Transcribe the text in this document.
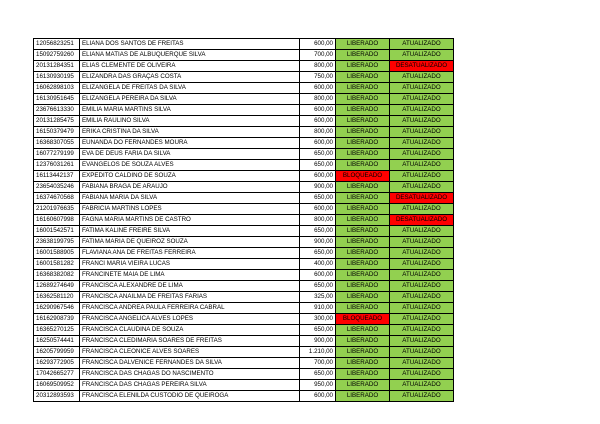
12056823251	ELIANA DOS SANTOS DE FREITAS	600,00	LIBERADO	ATUALIZADO
15092759260	ELIANA MATIAS DE ALBUQUERQUE SILVA	700,00	LIBERADO	ATUALIZADO
20131284351	ELIAS CLEMENTE DE OLIVEIRA	800,00	LIBERADO	DESATUALIZADO
16130930195	ELIZANDRA DAS GRAÇAS COSTA	750,00	LIBERADO	ATUALIZADO
16062898103	ELIZANGELA DE FREITAS DA SILVA	600,00	LIBERADO	ATUALIZADO
16130951645	ELIZANGELA PEREIRA DA SILVA	800,00	LIBERADO	ATUALIZADO
23676613330	EMILIA MARIA MARTINS SILVA	600,00	LIBERADO	ATUALIZADO
20131285475	EMILIA RAULINO SILVA	600,00	LIBERADO	ATUALIZADO
16150379479	ERIKA CRISTINA DA SILVA	800,00	LIBERADO	ATUALIZADO
16368307055	EUNANDA DO FERNANDES MOURA	600,00	LIBERADO	ATUALIZADO
16077279199	EVA DE DEUS FARIA DA SILVA	650,00	LIBERADO	ATUALIZADO
12376031261	EVANGELOS DE SOUZA ALVES	650,00	LIBERADO	ATUALIZADO
16113442137	EXPEDITO CALDINO DE SOUZA	600,00	BLOQUEADO	ATUALIZADO
23654035246	FABIANA BRAGA DE ARAUJO	900,00	LIBERADO	ATUALIZADO
16374670568	FABIANA MARIA DA SILVA	650,00	LIBERADO	DESATUALIZADO
21201976635	FABRICIA MARTINS LOPES	600,00	LIBERADO	ATUALIZADO
16160607998	FAGNA MARIA MARTINS DE CASTRO	800,00	LIBERADO	DESATUALIZADO
16001542571	FATIMA KALINE FREIRE SILVA	650,00	LIBERADO	ATUALIZADO
23638199795	FATIMA MARIA DE QUEIROZ SOUZA	900,00	LIBERADO	ATUALIZADO
16001588905	FLAVIANA ANA DE FREITAS FERREIRA	650,00	LIBERADO	ATUALIZADO
16001581282	FRANCI MARIA VIEIRA LUCAS	400,00	LIBERADO	ATUALIZADO
16368382082	FRANCINETE MAIA DE LIMA	600,00	LIBERADO	ATUALIZADO
12689274649	FRANCISCA ALEXANDRE DE LIMA	650,00	LIBERADO	ATUALIZADO
16362581120	FRANCISCA ANAILMA DE FREITAS FARIAS	325,00	LIBERADO	ATUALIZADO
16290967546	FRANCISCA ANDREA PAULA FERREIRA CABRAL	910,00	LIBERADO	ATUALIZADO
16162908739	FRANCISCA ANGELICA ALVES LOPES	300,00	BLOQUEADO	ATUALIZADO
16365270125	FRANCISCA CLAUDINA DE SOUZA	650,00	LIBERADO	ATUALIZADO
16250574441	FRANCISCA CLEDIMARIA SOARES DE FREITAS	900,00	LIBERADO	ATUALIZADO
16205799959	FRANCISCA CLEONICE ALVES SOARES	1.210,00	LIBERADO	ATUALIZADO
16293772905	FRANCISCA DALVENICE FERNANDES DA SILVA	700,00	LIBERADO	ATUALIZADO
17042665277	FRANCISCA DAS CHAGAS DO NASCIMENTO	650,00	LIBERADO	ATUALIZADO
16069509952	FRANCISCA DAS CHAGAS PEREIRA SILVA	950,00	LIBERADO	ATUALIZADO
20312893593	FRANCISCA ELENILDA CUSTODIO DE QUEIROGA	600,00	LIBERADO	ATUALIZADO
